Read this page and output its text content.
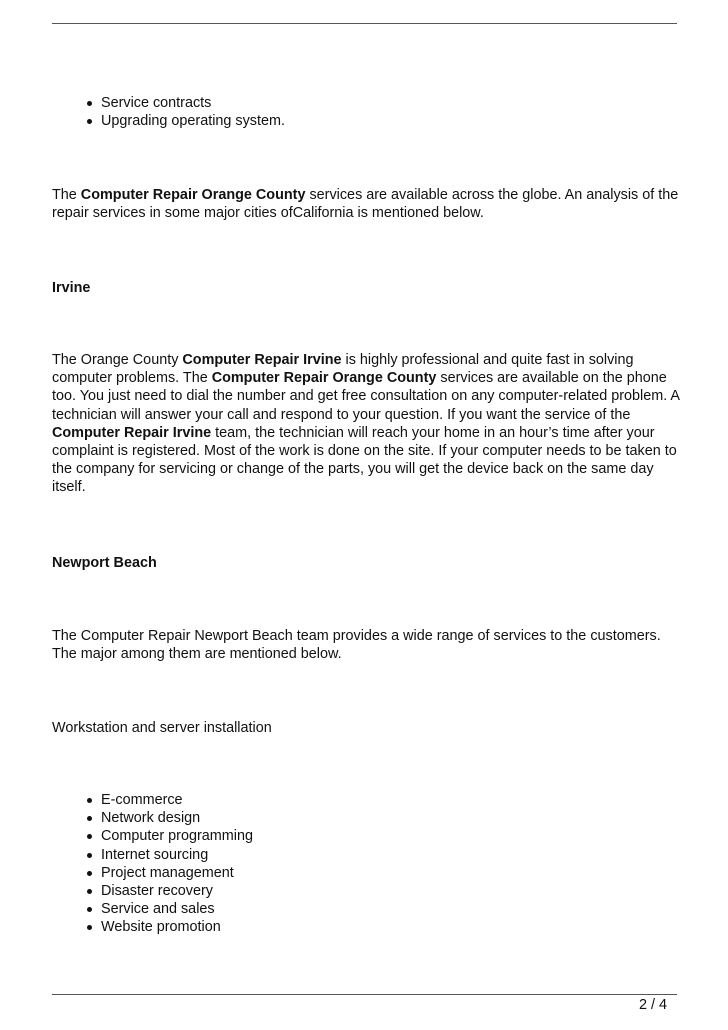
Service contracts
Upgrading operating system.

The Computer Repair Orange County services are available across the globe. An analysis of the repair services in some major cities ofCalifornia is mentioned below.

Irvine

The Orange County Computer Repair Irvine is highly professional and quite fast in solving computer problems. The Computer Repair Orange County services are available on the phone too. You just need to dial the number and get free consultation on any computer-related problem. A technician will answer your call and respond to your question. If you want the service of the Computer Repair Irvine team, the technician will reach your home in an hour’s time after your complaint is registered. Most of the work is done on the site. If your computer needs to be taken to the company for servicing or change of the parts, you will get the device back on the same day itself.

Newport Beach

The Computer Repair Newport Beach team provides a wide range of services to the customers. The major among them are mentioned below.

Workstation and server installation

E-commerce
Network design
Computer programming
Internet sourcing
Project management
Disaster recovery
Service and sales
Website promotion
2 / 4
